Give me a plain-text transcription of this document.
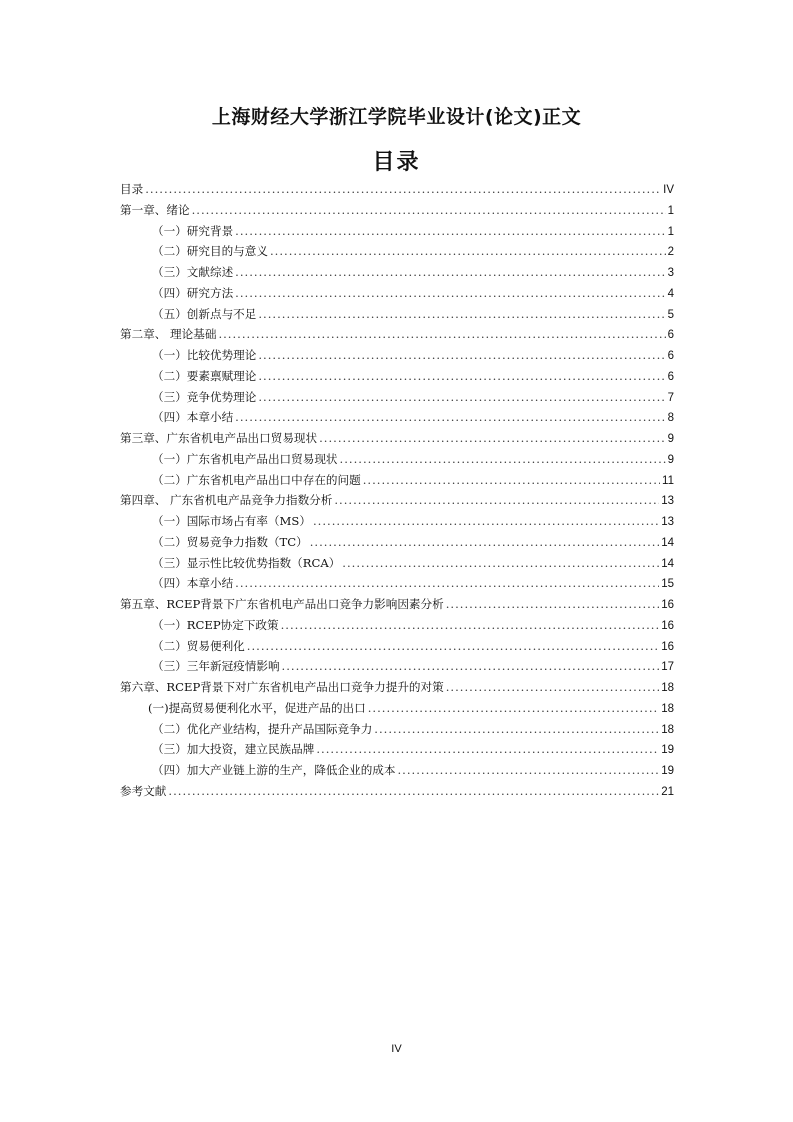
上海财经大学浙江学院毕业设计(论文)正文
目录
目录 .....	IV
第一章、绪论 .....	1
（一）研究背景 .....	1
（二）研究目的与意义 .....	2
（三）文献综述 .....	3
（四）研究方法 .....	4
（五）创新点与不足 .....	5
第二章、 理论基础 .....	6
（一）比较优势理论 .....	6
（二）要素禀赋理论 .....	6
（三）竞争优势理论 .....	7
（四）本章小结 .....	8
第三章、广东省机电产品出口贸易现状 .....	9
（一）广东省机电产品出口贸易现状 .....	9
（二）广东省机电产品出口中存在的问题 .....	11
第四章、 广东省机电产品竞争力指数分析 .....	13
（一）国际市场占有率（MS） .....	13
（二）贸易竞争力指数（TC） .....	14
（三）显示性比较优势指数（RCA） .....	14
（四）本章小结 .....	15
第五章、RCEP背景下广东省机电产品出口竞争力影响因素分析 .....	16
（一）RCEP协定下政策 .....	16
（二）贸易便利化 .....	16
（三）三年新冠疫情影响 .....	17
第六章、RCEP背景下对广东省机电产品出口竞争力提升的对策 .....	18
(一)提高贸易便利化水平，促进产品的出口 .....	18
（二）优化产业结构，提升产品国际竞争力 .....	18
（三）加大投资，建立民族品牌 .....	19
（四）加大产业链上游的生产，降低企业的成本 .....	19
参考文献 .....	21
IV
